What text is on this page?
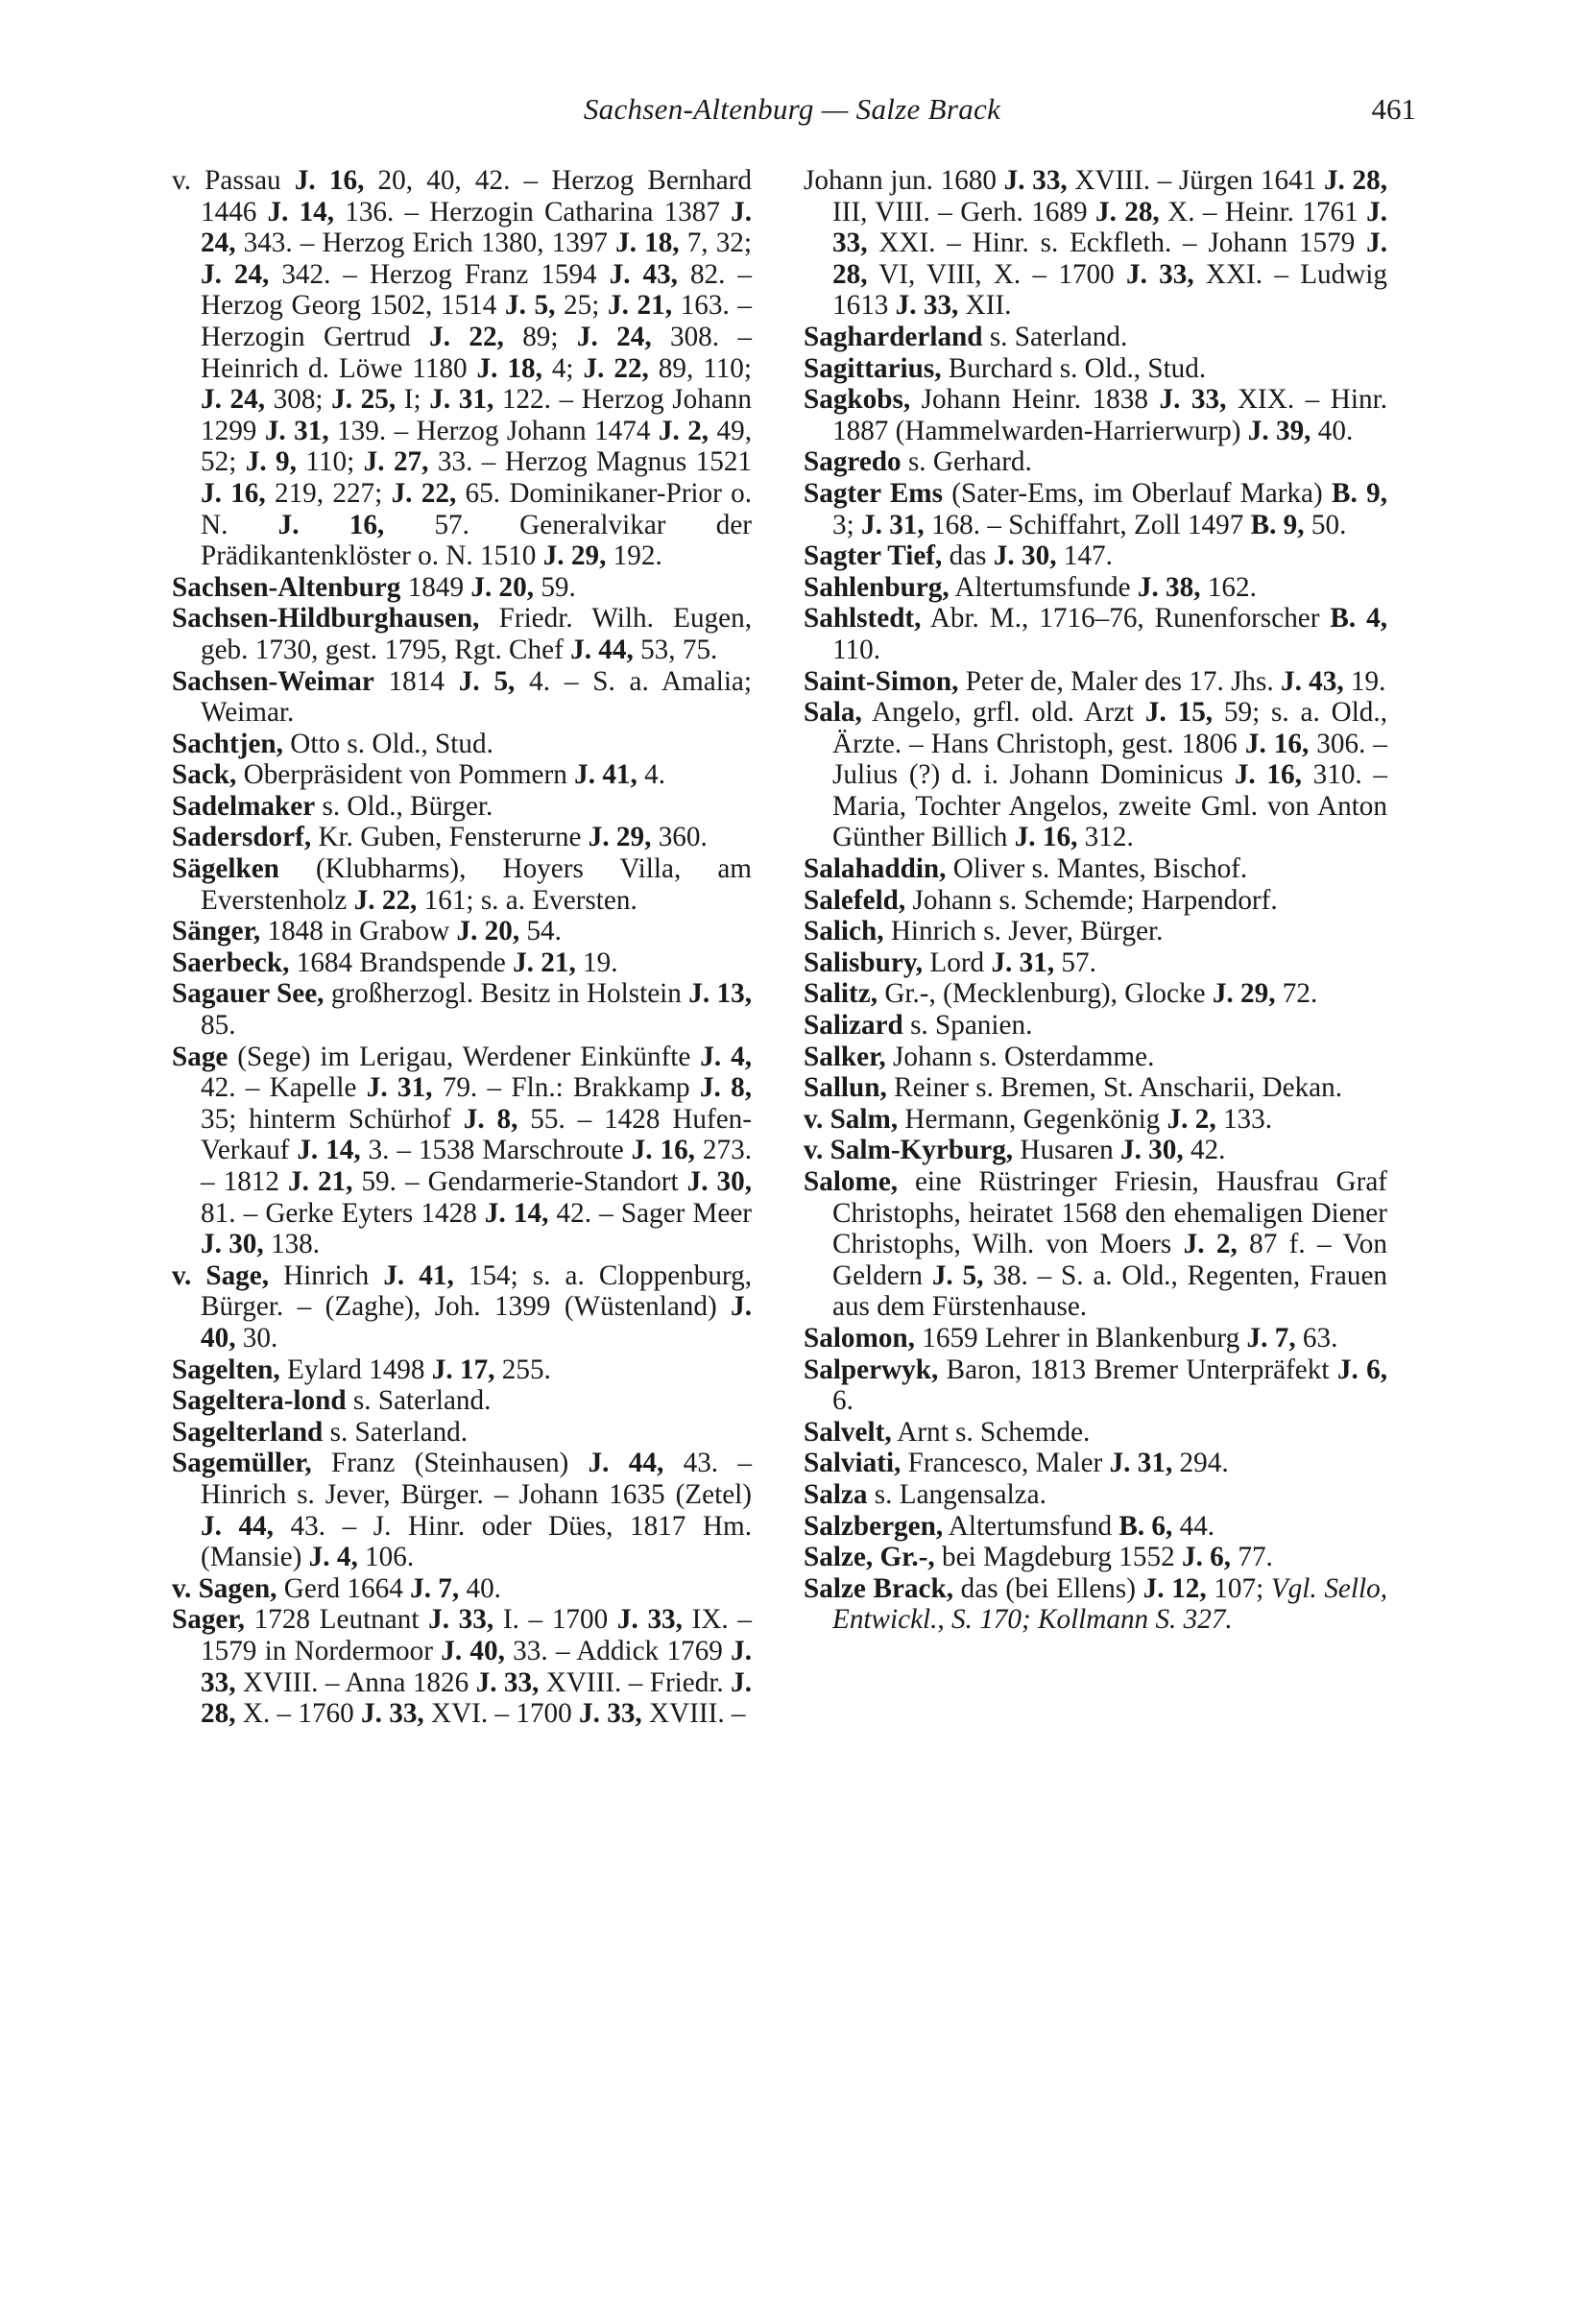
Sachsen-Altenburg — Salze Brack	461

v. Passau J. 16, 20, 40, 42. – Herzog Bernhard 1446 J. 14, 136. – Herzogin Catharina 1387 J. 24, 343. – Herzog Erich 1380, 1397 J. 18, 7, 32; J. 24, 342. – Herzog Franz 1594 J. 43, 82. – Herzog Georg 1502, 1514 J. 5, 25; J. 21, 163. – Herzogin Gertrud J. 22, 89; J. 24, 308. – Heinrich d. Löwe 1180 J. 18, 4; J. 22, 89, 110; J. 24, 308; J. 25, I; J. 31, 122. – Herzog Johann 1299 J. 31, 139. – Herzog Johann 1474 J. 2, 49, 52; J. 9, 110; J. 27, 33. – Herzog Magnus 1521 J. 16, 219, 227; J. 22, 65. Dominikaner-Prior o. N. J. 16, 57. Generalvikar der Prädikantenklöster o. N. 1510 J. 29, 192.

Sachsen-Altenburg 1849 J. 20, 59.

Sachsen-Hildburghausen, Friedr. Wilh. Eugen, geb. 1730, gest. 1795, Rgt. Chef J. 44, 53, 75.

Sachsen-Weimar 1814 J. 5, 4. – S. a. Amalia; Weimar.

Sachtjen, Otto s. Old., Stud.

Sack, Oberpräsident von Pommern J. 41, 4.

Sadelmaker s. Old., Bürger.

Sadersdorf, Kr. Guben, Fensterurne J. 29, 360.

Sägelken (Klubharms), Hoyers Villa, am Everstenholz J. 22, 161; s. a. Eversten.

Sänger, 1848 in Grabow J. 20, 54.

Saerbeck, 1684 Brandspende J. 21, 19.

Sagauer See, großherzogl. Besitz in Holstein J. 13, 85.

Sage (Sege) im Lerigau, Werdener Einkünfte J. 4, 42. – Kapelle J. 31, 79. – Fln.: Brakkamp J. 8, 35; hinterm Schürhof J. 8, 55. – 1428 Hufen-Verkauf J. 14, 3. – 1538 Marschroute J. 16, 273. – 1812 J. 21, 59. – Gendarmerie-Standort J. 30, 81. – Gerke Eyters 1428 J. 14, 42. – Sager Meer J. 30, 138.

v. Sage, Hinrich J. 41, 154; s. a. Cloppenburg, Bürger. – (Zaghe), Joh. 1399 (Wüstenland) J. 40, 30.

Sagelten, Eylard 1498 J. 17, 255.

Sageltera-lond s. Saterland.

Sagelterland s. Saterland.

Sagemüller, Franz (Steinhausen) J. 44, 43. – Hinrich s. Jever, Bürger. – Johann 1635 (Zetel) J. 44, 43. – J. Hinr. oder Dües, 1817 Hm. (Mansie) J. 4, 106.

v. Sagen, Gerd 1664 J. 7, 40.

Sager, 1728 Leutnant J. 33, I. – 1700 J. 33, IX. – 1579 in Nordermoor J. 40, 33. – Addick 1769 J. 33, XVIII. – Anna 1826 J. 33, XVIII. – Friedr. J. 28, X. – 1760 J. 33, XVI. – 1700 J. 33, XVIII. –

Johann jun. 1680 J. 33, XVIII. – Jürgen 1641 J. 28, III, VIII. – Gerh. 1689 J. 28, X. – Heinr. 1761 J. 33, XXI. – Hinr. s. Eckfleth. – Johann 1579 J. 28, VI, VIII, X. – 1700 J. 33, XXI. – Ludwig 1613 J. 33, XII.

Sagharderland s. Saterland.

Sagittarius, Burchard s. Old., Stud.

Sagkobs, Johann Heinr. 1838 J. 33, XIX. – Hinr. 1887 (Hammelwarden-Harrierwurp) J. 39, 40.

Sagredo s. Gerhard.

Sagter Ems (Sater-Ems, im Oberlauf Marka) B. 9, 3; J. 31, 168. – Schiffahrt, Zoll 1497 B. 9, 50.

Sagter Tief, das J. 30, 147.

Sahlenburg, Altertumsfunde J. 38, 162.

Sahlstedt, Abr. M., 1716–76, Runenforscher B. 4, 110.

Saint-Simon, Peter de, Maler des 17. Jhs. J. 43, 19.

Sala, Angelo, grfl. old. Arzt J. 15, 59; s. a. Old., Ärzte. – Hans Christoph, gest. 1806 J. 16, 306. – Julius (?) d. i. Johann Dominicus J. 16, 310. – Maria, Tochter Angelos, zweite Gml. von Anton Günther Billich J. 16, 312.

Salahaddin, Oliver s. Mantes, Bischof.

Salefeld, Johann s. Schemde; Harpendorf.

Salich, Hinrich s. Jever, Bürger.

Salisbury, Lord J. 31, 57.

Salitz, Gr.-, (Mecklenburg), Glocke J. 29, 72.

Salizard s. Spanien.

Salker, Johann s. Osterdamme.

Sallun, Reiner s. Bremen, St. Anscharii, Dekan.

v. Salm, Hermann, Gegenkönig J. 2, 133.

v. Salm-Kyrburg, Husaren J. 30, 42.

Salome, eine Rüstringer Friesin, Hausfrau Graf Christophs, heiratet 1568 den ehemaligen Diener Christophs, Wilh. von Moers J. 2, 87 f. – Von Geldern J. 5, 38. – S. a. Old., Regenten, Frauen aus dem Fürstenhause.

Salomon, 1659 Lehrer in Blankenburg J. 7, 63.

Salperwyk, Baron, 1813 Bremer Unterpräfekt J. 6, 6.

Salvelt, Arnt s. Schemde.

Salviati, Francesco, Maler J. 31, 294.

Salza s. Langensalza.

Salzbergen, Altertumsfund B. 6, 44.

Salze, Gr.-, bei Magdeburg 1552 J. 6, 77.

Salze Brack, das (bei Ellens) J. 12, 107; Vgl. Sello, Entwickl., S. 170; Kollmann S. 327.
